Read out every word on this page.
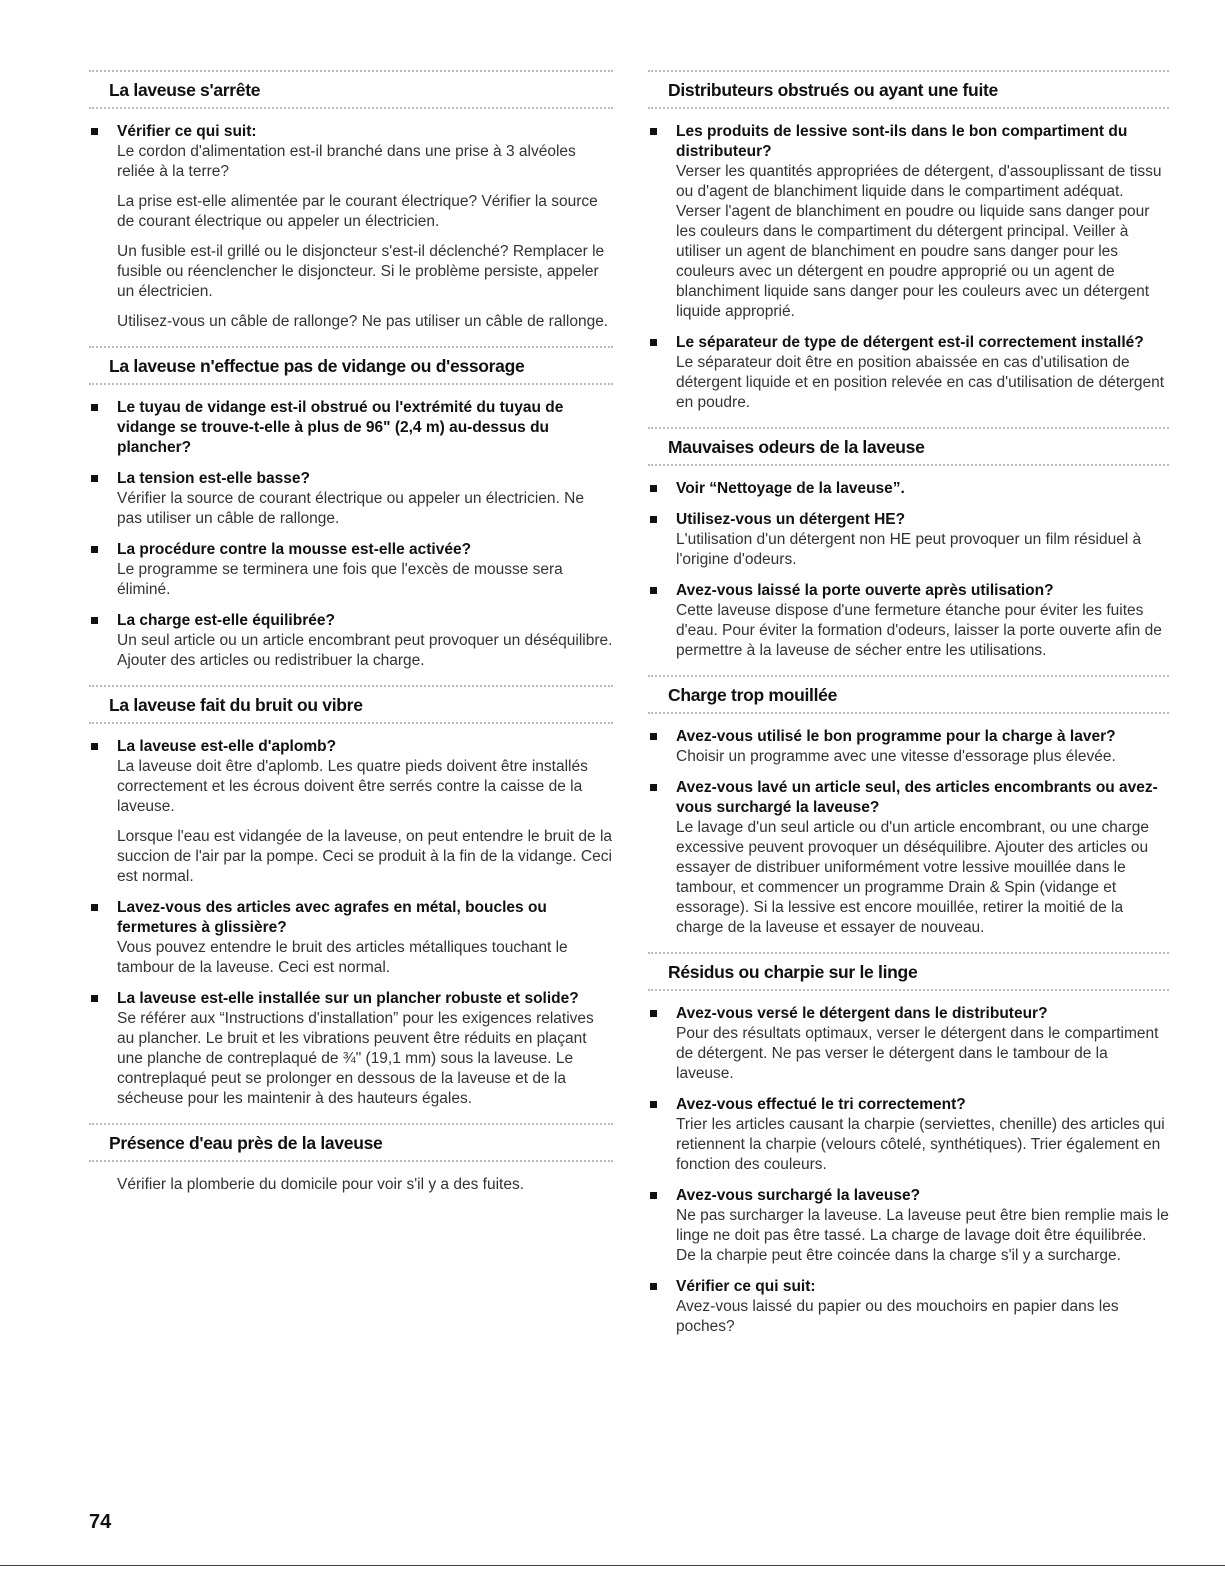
La laveuse s'arrête
Vérifier ce qui suit:

Le cordon d'alimentation est-il branché dans une prise à 3 alvéoles reliée à la terre?

La prise est-elle alimentée par le courant électrique? Vérifier la source de courant électrique ou appeler un électricien.

Un fusible est-il grillé ou le disjoncteur s'est-il déclenché? Remplacer le fusible ou réenclencher le disjoncteur. Si le problème persiste, appeler un électricien.

Utilisez-vous un câble de rallonge? Ne pas utiliser un câble de rallonge.

La laveuse n'effectue pas de vidange ou d'essorage
Le tuyau de vidange est-il obstrué ou l'extrémité du tuyau de vidange se trouve-t-elle à plus de 96" (2,4 m) au-dessus du plancher?
La tension est-elle basse?

Vérifier la source de courant électrique ou appeler un électricien. Ne pas utiliser un câble de rallonge.

La procédure contre la mousse est-elle activée?

Le programme se terminera une fois que l'excès de mousse sera éliminé.

La charge est-elle équilibrée?

Un seul article ou un article encombrant peut provoquer un déséquilibre. Ajouter des articles ou redistribuer la charge.

La laveuse fait du bruit ou vibre
La laveuse est-elle d'aplomb?

La laveuse doit être d'aplomb. Les quatre pieds doivent être installés correctement et les écrous doivent être serrés contre la caisse de la laveuse.

Lorsque l'eau est vidangée de la laveuse, on peut entendre le bruit de la succion de l'air par la pompe. Ceci se produit à la fin de la vidange. Ceci est normal.

Lavez-vous des articles avec agrafes en métal, boucles ou fermetures à glissière?

Vous pouvez entendre le bruit des articles métalliques touchant le tambour de la laveuse. Ceci est normal.

La laveuse est-elle installée sur un plancher robuste et solide?

Se référer aux “Instructions d'installation” pour les exigences relatives au plancher. Le bruit et les vibrations peuvent être réduits en plaçant une planche de contreplaqué de ¾" (19,1 mm) sous la laveuse. Le contreplaqué peut se prolonger en dessous de la laveuse et de la sécheuse pour les maintenir à des hauteurs égales.

Présence d'eau près de la laveuse
Vérifier la plomberie du domicile pour voir s'il y a des fuites.
Distributeurs obstrués ou ayant une fuite
Les produits de lessive sont-ils dans le bon compartiment du distributeur?

Verser les quantités appropriées de détergent, d'assouplissant de tissu ou d'agent de blanchiment liquide dans le compartiment adéquat. Verser l'agent de blanchiment en poudre ou liquide sans danger pour les couleurs dans le compartiment du détergent principal. Veiller à utiliser un agent de blanchiment en poudre sans danger pour les couleurs avec un détergent en poudre approprié ou un agent de blanchiment liquide sans danger pour les couleurs avec un détergent liquide approprié.

Le séparateur de type de détergent est-il correctement installé?

Le séparateur doit être en position abaissée en cas d'utilisation de détergent liquide et en position relevée en cas d'utilisation de détergent en poudre.

Mauvaises odeurs de la laveuse
Voir “Nettoyage de la laveuse”.
Utilisez-vous un détergent HE?

L'utilisation d'un détergent non HE peut provoquer un film résiduel à l'origine d'odeurs.

Avez-vous laissé la porte ouverte après utilisation?

Cette laveuse dispose d'une fermeture étanche pour éviter les fuites d'eau. Pour éviter la formation d'odeurs, laisser la porte ouverte afin de permettre à la laveuse de sécher entre les utilisations.

Charge trop mouillée
Avez-vous utilisé le bon programme pour la charge à laver?

Choisir un programme avec une vitesse d'essorage plus élevée.

Avez-vous lavé un article seul, des articles encombrants ou avez-vous surchargé la laveuse?

Le lavage d'un seul article ou d'un article encombrant, ou une charge excessive peuvent provoquer un déséquilibre. Ajouter des articles ou essayer de distribuer uniformément votre lessive mouillée dans le tambour, et commencer un programme Drain & Spin (vidange et essorage). Si la lessive est encore mouillée, retirer la moitié de la charge de la laveuse et essayer de nouveau.

Résidus ou charpie sur le linge
Avez-vous versé le détergent dans le distributeur?

Pour des résultats optimaux, verser le détergent dans le compartiment de détergent. Ne pas verser le détergent dans le tambour de la laveuse.

Avez-vous effectué le tri correctement?

Trier les articles causant la charpie (serviettes, chenille) des articles qui retiennent la charpie (velours côtelé, synthétiques). Trier également en fonction des couleurs.

Avez-vous surchargé la laveuse?

Ne pas surcharger la laveuse. La laveuse peut être bien remplie mais le linge ne doit pas être tassé. La charge de lavage doit être équilibrée. De la charpie peut être coincée dans la charge s'il y a surcharge.

Vérifier ce qui suit:

Avez-vous laissé du papier ou des mouchoirs en papier dans les poches?

74
